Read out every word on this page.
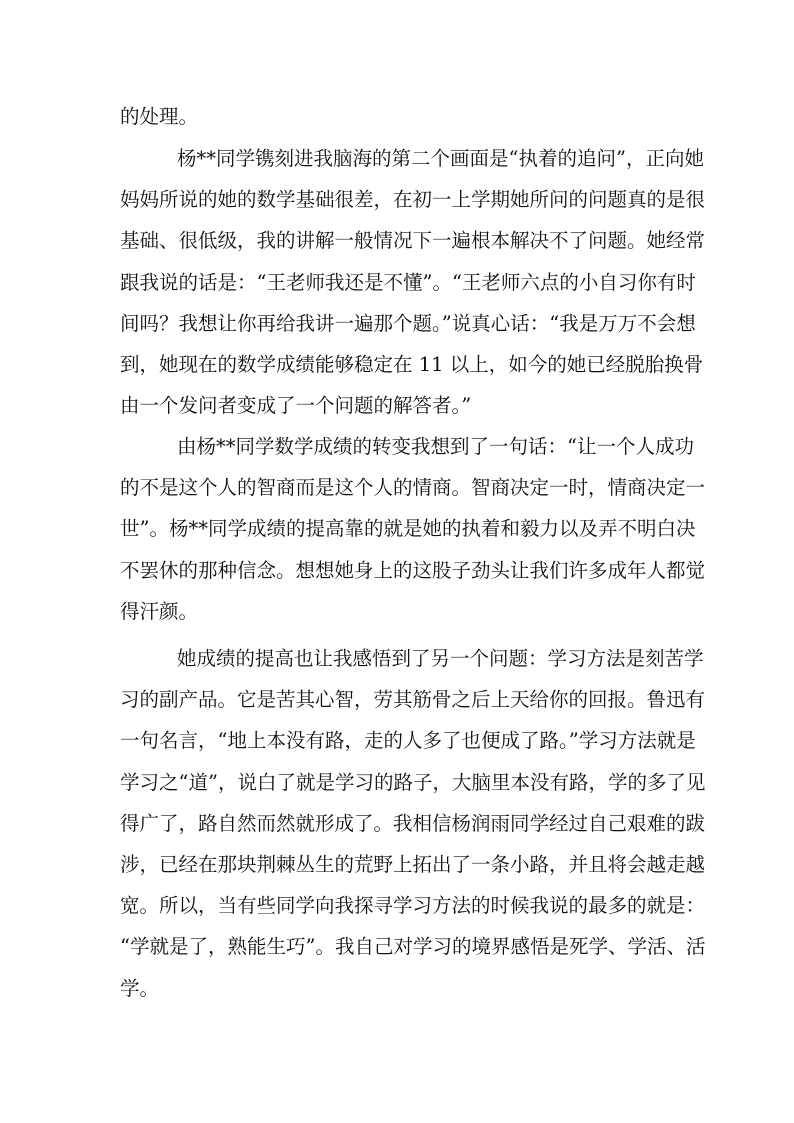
的处理。
杨**同学镌刻进我脑海的第二个画面是“执着的追问”，正向她
妈妈所说的她的数学基础很差，在初一上学期她所问的问题真的是很
基础、很低级，我的讲解一般情况下一遍根本解决不了问题。她经常
跟我说的话是：“王老师我还是不懂”。“王老师六点的小自习你有时
间吗？我想让你再给我讲一遍那个题。”说真心话：“我是万万不会想
到，她现在的数学成绩能够稳定在 11 以上，如今的她已经脱胎换骨
由一个发问者变成了一个问题的解答者。”
由杨**同学数学成绩的转变我想到了一句话：“让一个人成功
的不是这个人的智商而是这个人的情商。智商决定一时，情商决定一
世”。杨**同学成绩的提高靠的就是她的执着和毅力以及弄不明白决
不罢休的那种信念。想想她身上的这股子劲头让我们许多成年人都觉
得汗颜。
她成绩的提高也让我感悟到了另一个问题：学习方法是刻苦学
习的副产品。它是苦其心智，劳其筋骨之后上天给你的回报。鲁迅有
一句名言，“地上本没有路，走的人多了也便成了路。”学习方法就是
学习之“道”，说白了就是学习的路子，大脑里本没有路，学的多了见
得广了，路自然而然就形成了。我相信杨润雨同学经过自己艰难的跋
涉，已经在那块荆棘丛生的荒野上拓出了一条小路，并且将会越走越
宽。所以，当有些同学向我探寻学习方法的时候我说的最多的就是：
“学就是了，熟能生巧”。我自己对学习的境界感悟是死学、学活、活
学。
